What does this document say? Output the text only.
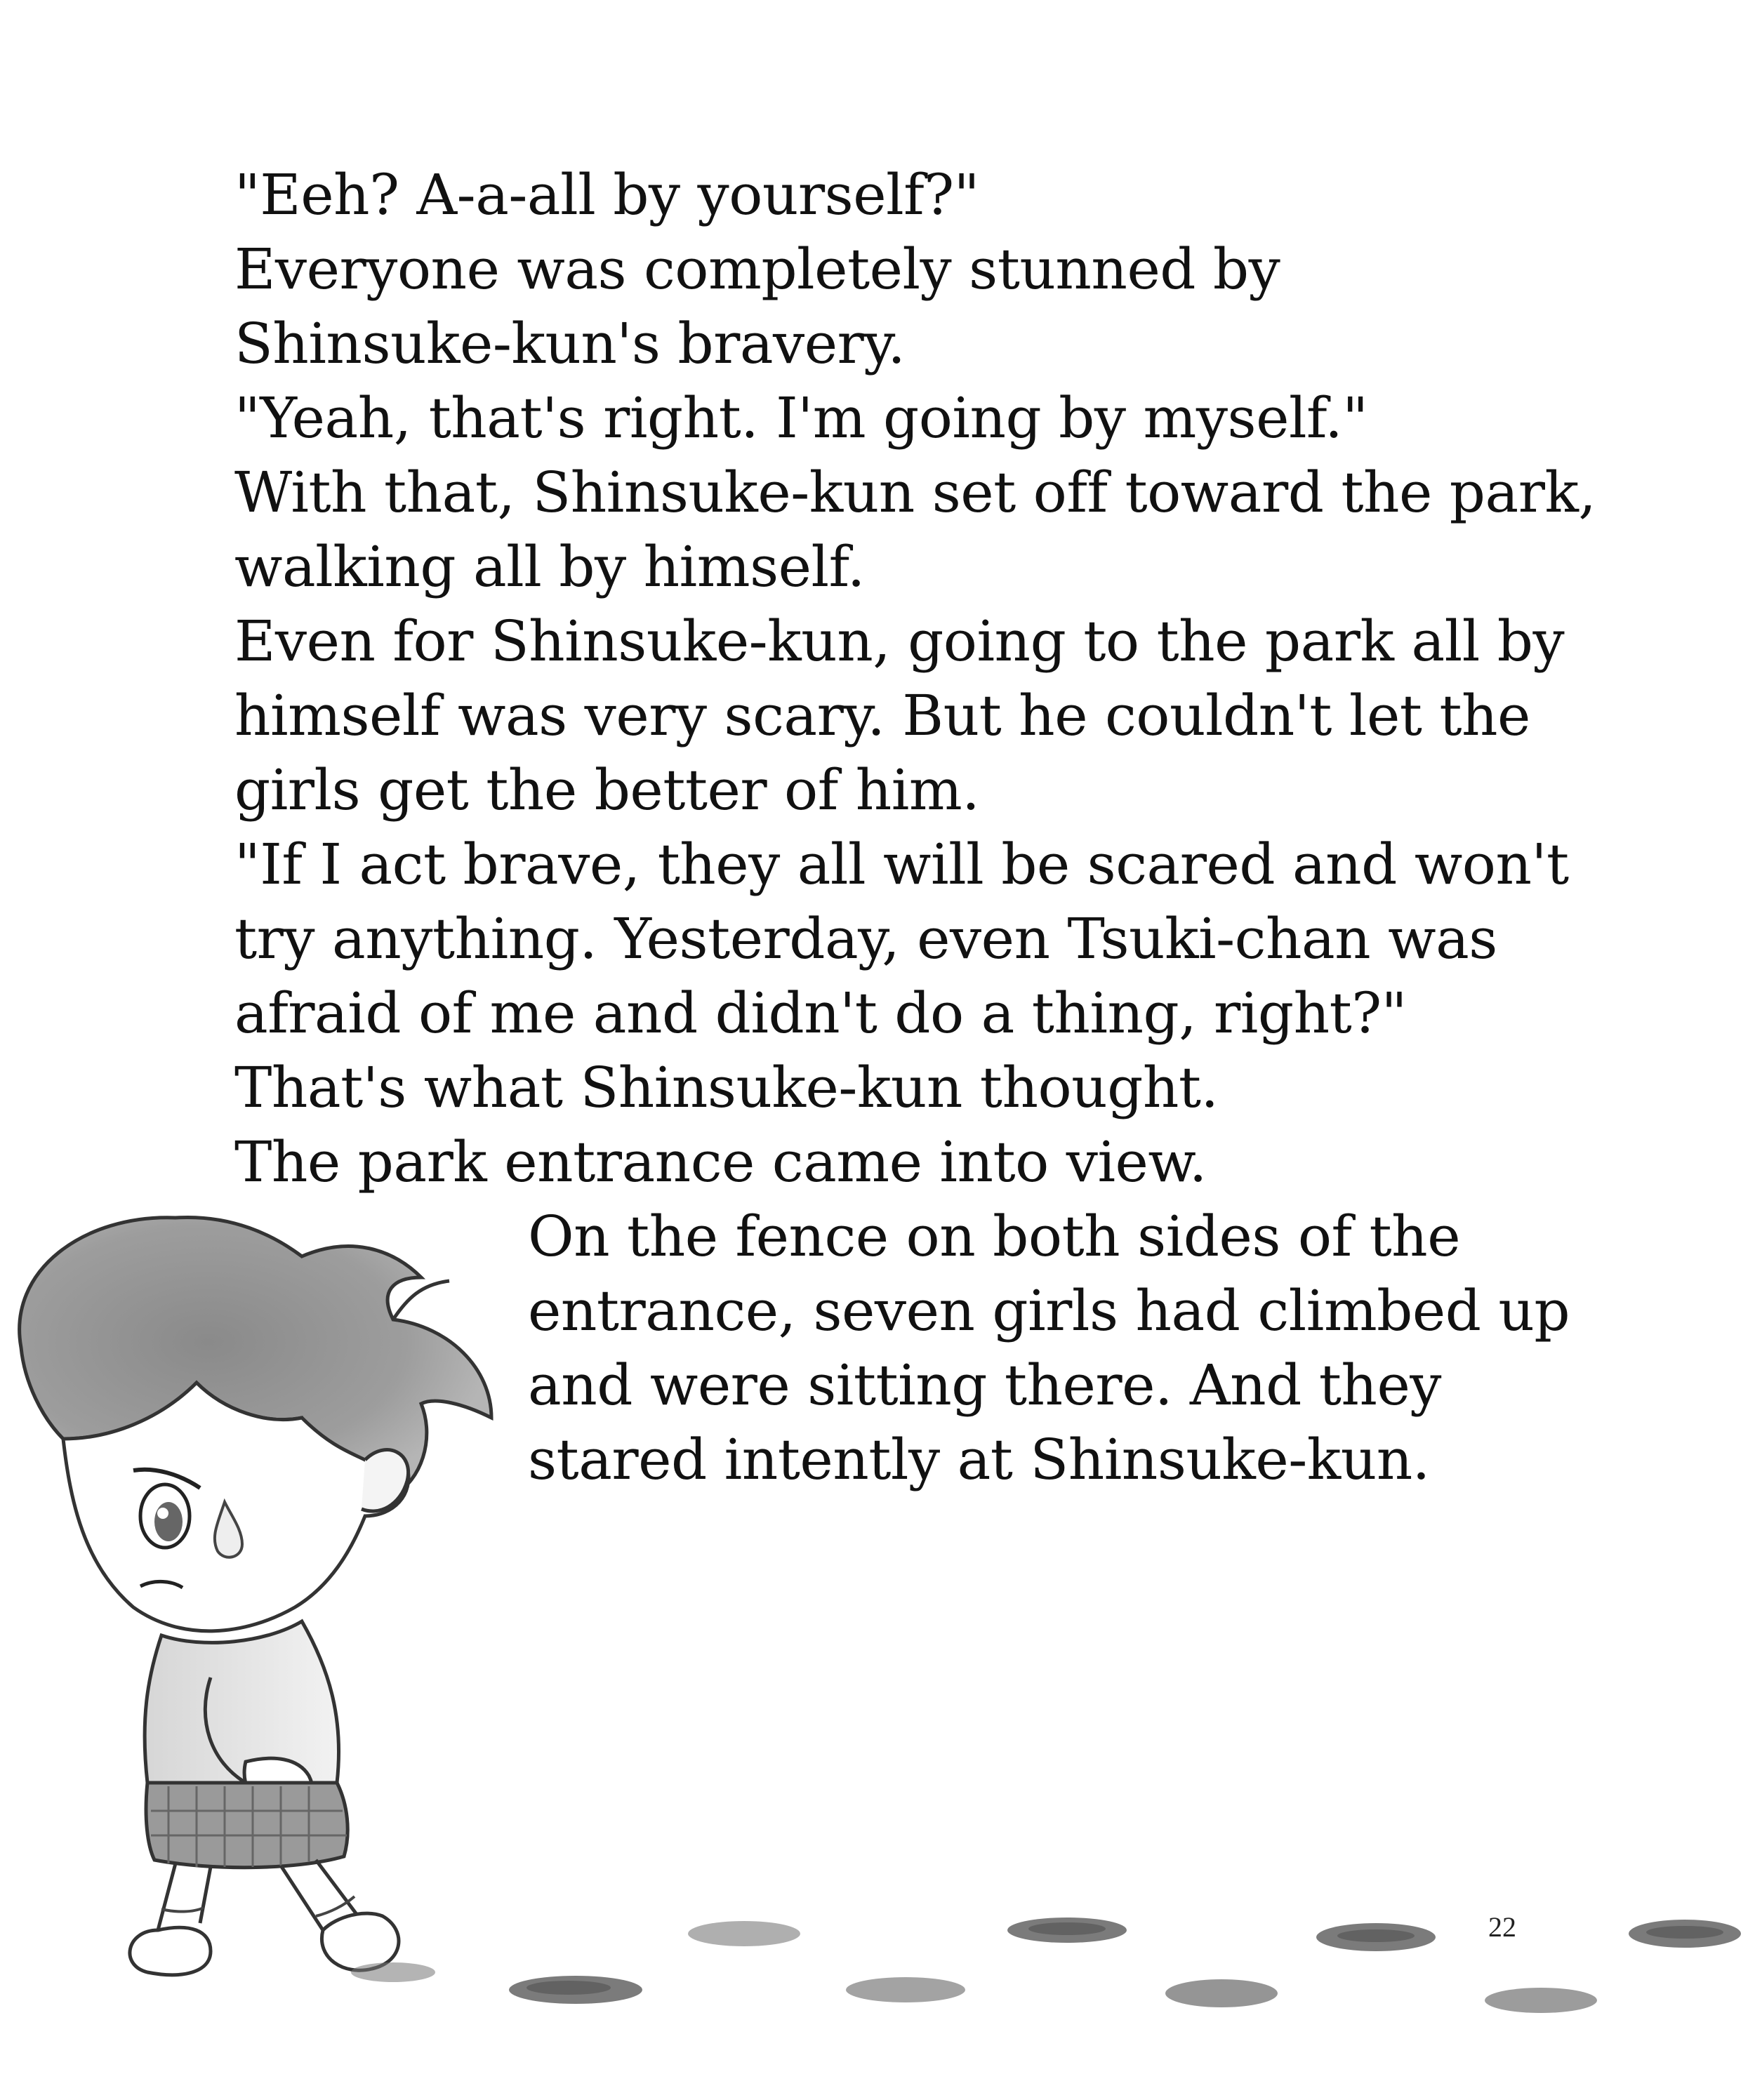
"Eeh? A-a-all by yourself?"
Everyone was completely stunned by
Shinsuke-kun's bravery.
"Yeah, that's right. I'm going by myself."
With that, Shinsuke-kun set off toward the park,
walking all by himself.
Even for Shinsuke-kun, going to the park all by
himself was very scary. But he couldn't let the
girls get the better of him.
"If I act brave, they all will be scared and won't
try anything. Yesterday, even Tsuki-chan was
afraid of me and didn't do a thing, right?"
That's what Shinsuke-kun thought.
The park entrance came into view.
On the fence on both sides of the
entrance, seven girls had climbed up
and were sitting there. And they
stared intently at Shinsuke-kun.
22
